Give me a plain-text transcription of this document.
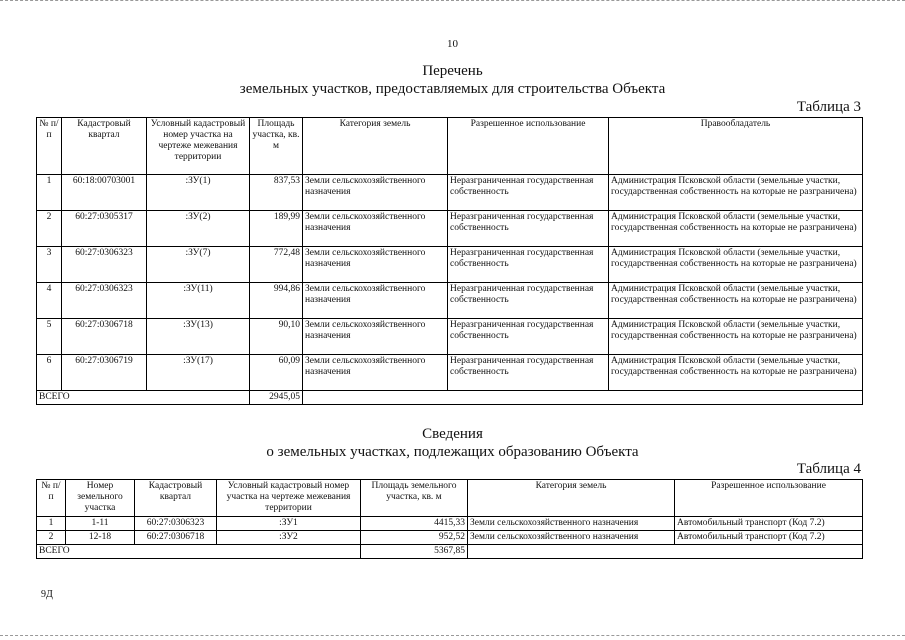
10
Перечень
земельных участков, предоставляемых для строительства Объекта
Таблица 3
№ п/п	Кадастровый квартал	Условный кадастровый номер участка на чертеже межевания территории	Площадь участка, кв. м	Категория земель	Разрешенное использование	Правообладатель
1	60:18:00703001	:ЗУ(1)	837,53	Земли сельскохозяйственного назначения	Неразграниченная государственная собственность	Администрация Псковской области (земельные участки, государственная собственность на которые не разграничена)
2	60:27:0305317	:ЗУ(2)	189,99	Земли сельскохозяйственного назначения	Неразграниченная государственная собственность	Администрация Псковской области (земельные участки, государственная собственность на которые не разграничена)
3	60:27:0306323	:ЗУ(7)	772,48	Земли сельскохозяйственного назначения	Неразграниченная государственная собственность	Администрация Псковской области (земельные участки, государственная собственность на которые не разграничена)
4	60:27:0306323	:ЗУ(11)	994,86	Земли сельскохозяйственного назначения	Неразграниченная государственная собственность	Администрация Псковской области (земельные участки, государственная собственность на которые не разграничена)
5	60:27:0306718	:ЗУ(13)	90,10	Земли сельскохозяйственного назначения	Неразграниченная государственная собственность	Администрация Псковской области (земельные участки, государственная собственность на которые не разграничена)
6	60:27:0306719	:ЗУ(17)	60,09	Земли сельскохозяйственного назначения	Неразграниченная государственная собственность	Администрация Псковской области (земельные участки, государственная собственность на которые не разграничена)
ВСЕГО			2945,05			
Сведения
о земельных участках, подлежащих образованию Объекта
Таблица 4
№ п/п	Номер земельного участка	Кадастровый квартал	Условный кадастровый номер участка на чертеже межевания территории	Площадь земельного участка, кв. м	Категория земель	Разрешенное использование
1	1-11	60:27:0306323	:ЗУ1	4415,33	Земли сельскохозяйственного назначения	Автомобильный транспорт (Код 7.2)
2	12-18	60:27:0306718	:ЗУ2	952,52	Земли сельскохозяйственного назначения	Автомобильный транспорт (Код 7.2)
ВСЕГО				5367,85		
9Д
